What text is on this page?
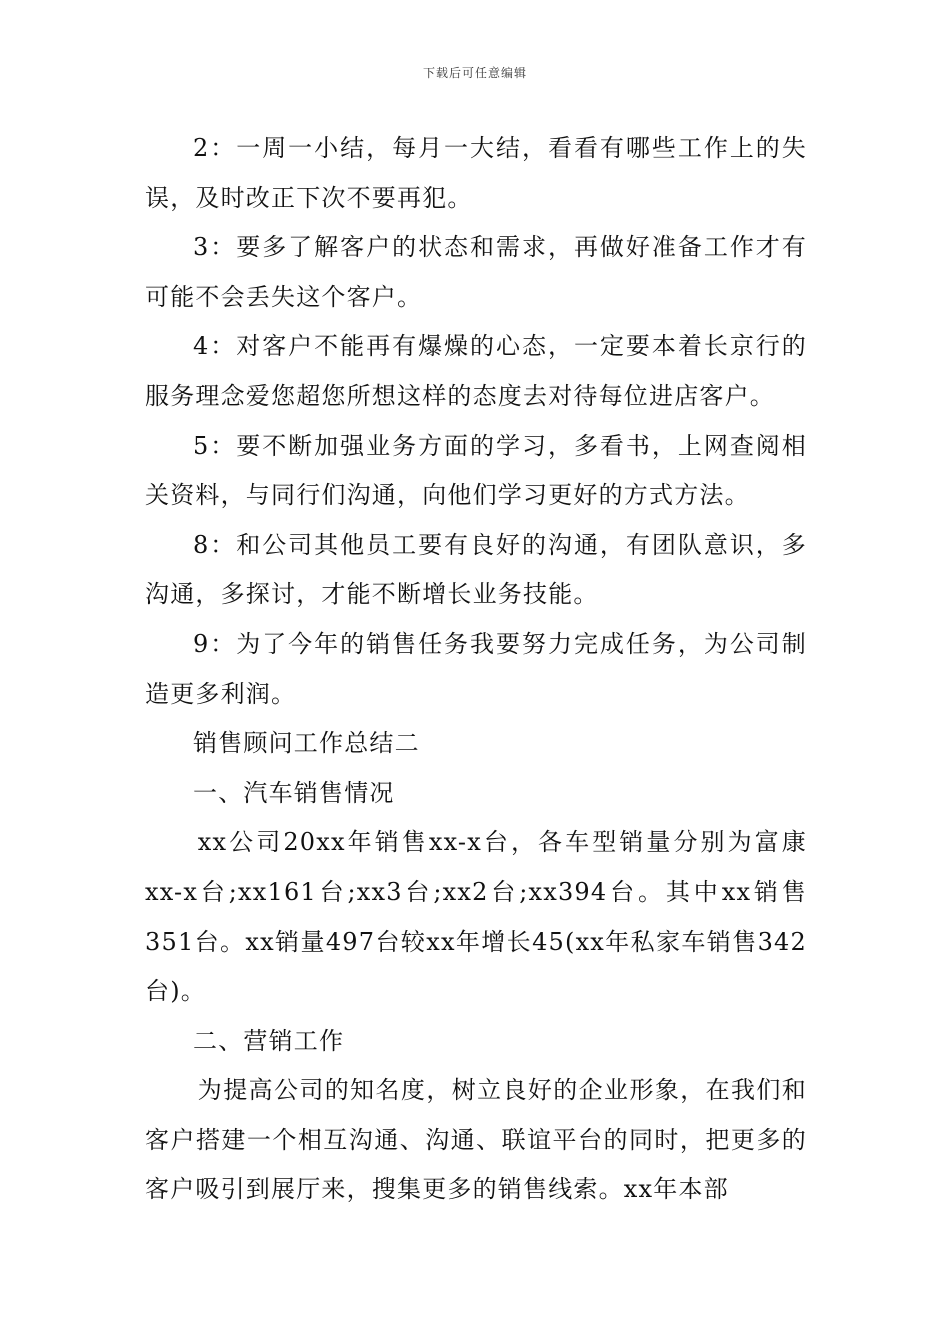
下载后可任意编辑

2：一周一小结，每月一大结，看看有哪些工作上的失误，及时改正下次不要再犯。

3：要多了解客户的状态和需求，再做好准备工作才有可能不会丢失这个客户。

4：对客户不能再有爆燥的心态，一定要本着长京行的服务理念爱您超您所想这样的态度去对待每位进店客户。

5：要不断加强业务方面的学习，多看书，上网查阅相关资料，与同行们沟通，向他们学习更好的方式方法。

8：和公司其他员工要有良好的沟通，有团队意识，多沟通，多探讨，才能不断增长业务技能。

9：为了今年的销售任务我要努力完成任务，为公司制造更多利润。

销售顾问工作总结二

一、汽车销售情况

xx公司20xx年销售xx-x台，各车型销量分别为富康xx-x台;xx161台;xx3台;xx2台;xx394台。其中xx销售351台。xx销量497台较xx年增长45(xx年私家车销售342台)。

二、营销工作

为提高公司的知名度，树立良好的企业形象，在我们和客户搭建一个相互沟通、沟通、联谊平台的同时，把更多的客户吸引到展厅来，搜集更多的销售线索。xx年本部
